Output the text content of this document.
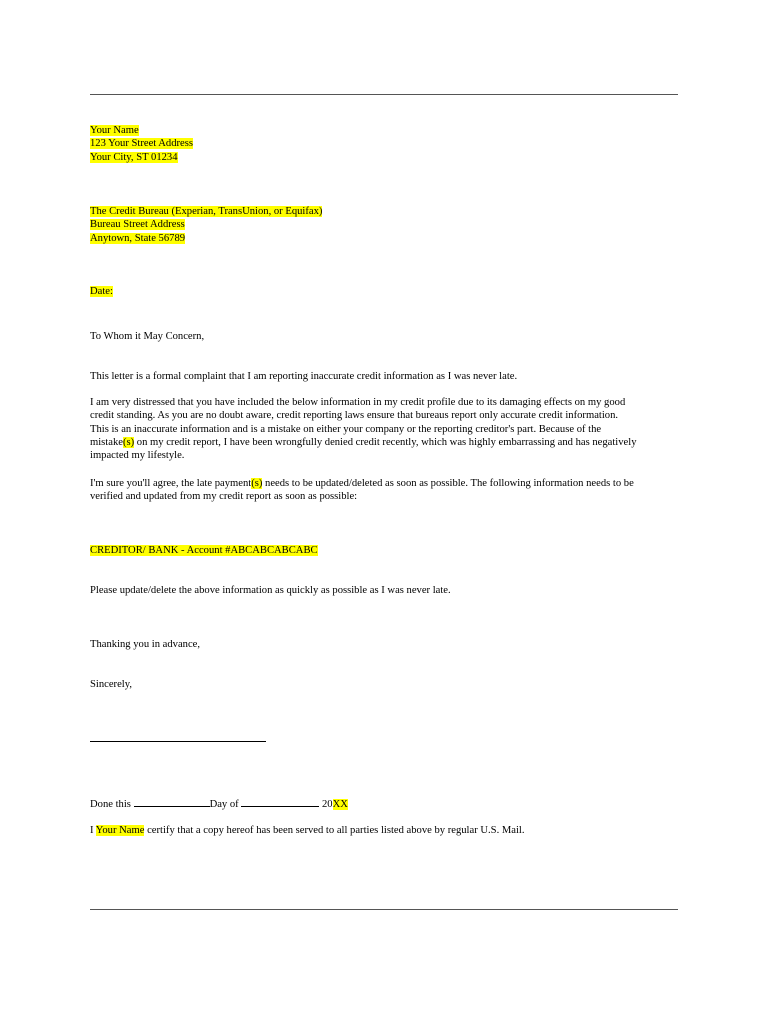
Your Name
123 Your Street Address
Your City, ST 01234
The Credit Bureau (Experian, TransUnion, or Equifax)
Bureau Street Address
Anytown, State 56789
Date:
To Whom it May Concern,
This letter is a formal complaint that I am reporting inaccurate credit information as I was never late.
I am very distressed that you have included the below information in my credit profile due to its damaging effects on my good
credit standing. As you are no doubt aware, credit reporting laws ensure that bureaus report only accurate credit information.
This is an inaccurate information and is a mistake on either your company or the reporting creditor's part. Because of the
mistake(s) on my credit report, I have been wrongfully denied credit recently, which was highly embarrassing and has negatively
impacted my lifestyle.
I'm sure you'll agree, the late payment(s) needs to be updated/deleted as soon as possible. The following information needs to be
verified and updated from my credit report as soon as possible:
CREDITOR/ BANK - Account #ABCABCABCABC
Please update/delete the above information as quickly as possible as I was never late.
Thanking you in advance,
Sincerely,
Done this	Day of	20XX
I Your Name certify that a copy hereof has been served to all parties listed above by regular U.S. Mail.
